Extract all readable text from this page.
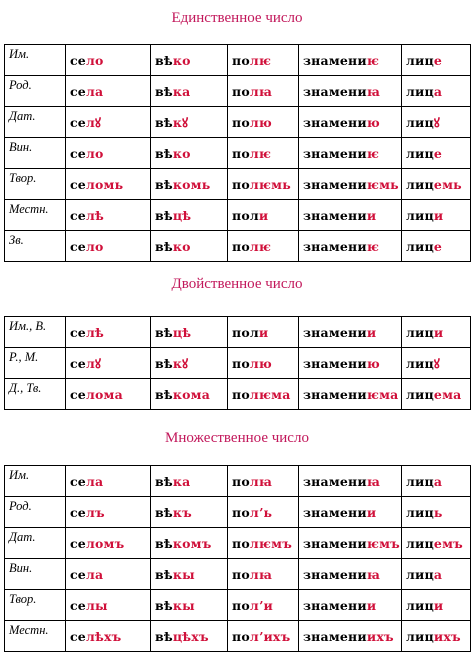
Единственное число
Им.	село	вѣко	полѥ	знамениѥ	лице
Род.	села	вѣка	полꙗ	знамениꙗ	лица
Дат.	селꙋ	вѣкꙋ	полю	знамению	лицꙋ
Вин.	село	вѣко	полѥ	знамениѥ	лице
Твор.	селомь	вѣкомь	полѥмь	знамениѥмь	лицемь
Местн.	селѣ	вѣцѣ	поли	знамении	лици
Зв.	село	вѣко	полѥ	знамениѥ	лице
Двойственное число
Им., В.	селѣ	вѣцѣ	поли	знамении	лици
Р., М.	селꙋ	вѣкꙋ	полю	знамению	лицꙋ
Д., Тв.	селома	вѣкома	полѥма	знамениѥма	лицема
Множественное число
Им.	села	вѣка	полꙗ	знамениꙗ	лица
Род.	селъ	вѣкъ	полʼь	знамении	лиць
Дат.	селомъ	вѣкомъ	полѥмъ	знамениѥмъ	лицемъ
Вин.	села	вѣкы	полꙗ	знамениꙗ	лица
Твор.	селы	вѣкы	полʼи	знамении	лици
Местн.	селѣхъ	вѣцѣхъ	полʼихъ	знамениихъ	лицихъ
